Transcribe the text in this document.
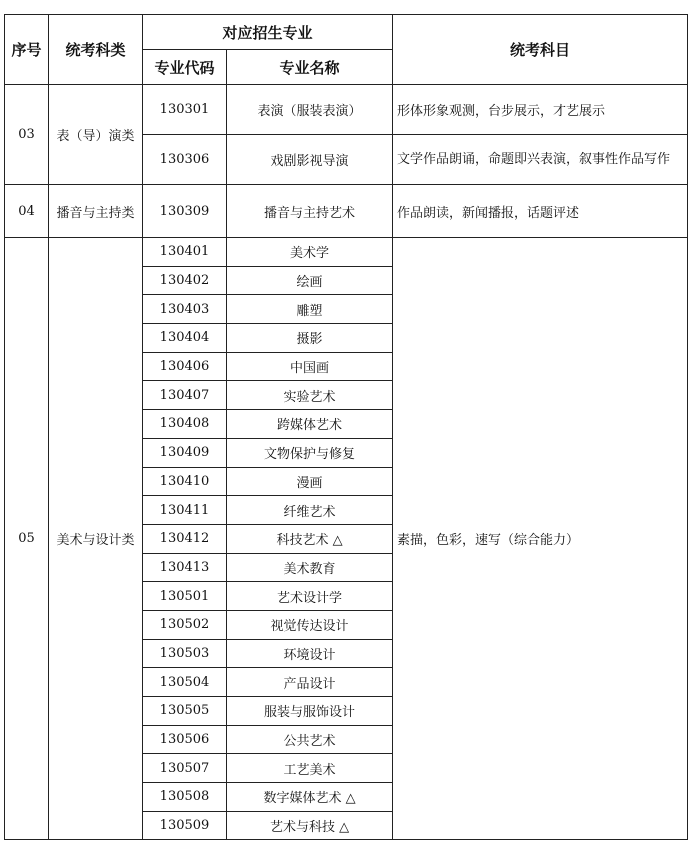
序号	统考科类	对应招生专业		统考科目
		专业代码	专业名称	
03	表（导）演类	130301	表演（服装表演）	形体形象观测，台步展示，才艺展示
		130306	戏剧影视导演	文学作品朗诵，命题即兴表演，叙事性作品写作
04	播音与主持类	130309	播音与主持艺术	作品朗读，新闻播报，话题评述
05	美术与设计类	130401	美术学	素描，色彩，速写（综合能力）
		130402	绘画	
		130403	雕塑	
		130404	摄影	
		130406	中国画	
		130407	实验艺术	
		130408	跨媒体艺术	
		130409	文物保护与修复	
		130410	漫画	
		130411	纤维艺术	
		130412	科技艺术 △	
		130413	美术教育	
		130501	艺术设计学	
		130502	视觉传达设计	
		130503	环境设计	
		130504	产品设计	
		130505	服装与服饰设计	
		130506	公共艺术	
		130507	工艺美术	
		130508	数字媒体艺术 △	
		130509	艺术与科技 △	
